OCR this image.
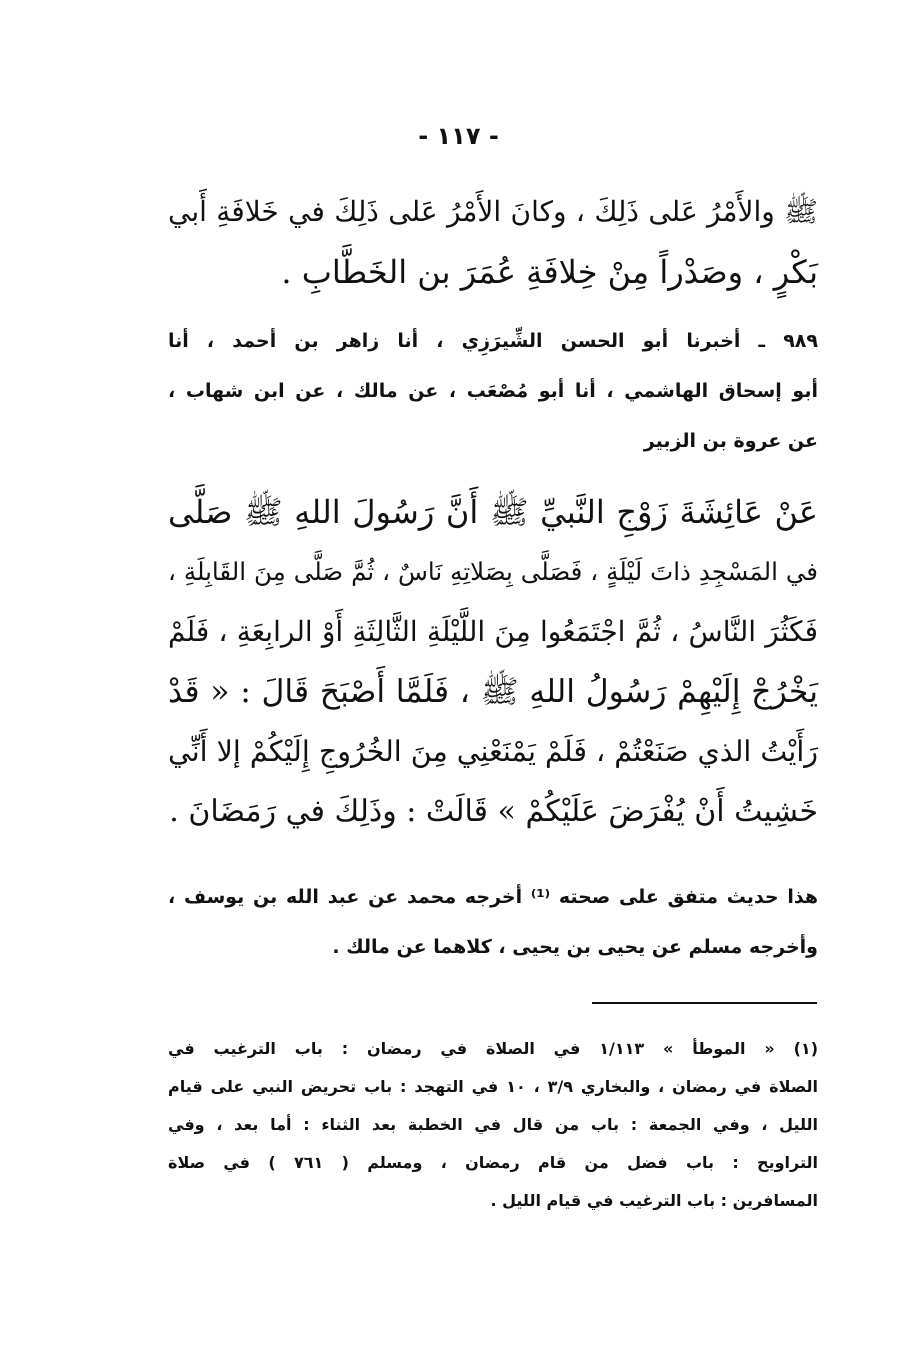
- ١١٧ -
ﷺ والأَمْرُ عَلى ذَلِكَ ، وكانَ الأَمْرُ عَلى ذَلِكَ في خَلافَةِ أَبي
بَكْرٍ ، وصَدْراً مِنْ خِلافَةِ عُمَرَ بن الخَطَّابِ .
٩٨٩ ـ أخبرنا أبو الحسن الشِّيرَزِي ، أنا زاهر بن أحمد ، أنا
أبو إسحاق الهاشمي ، أنا أبو مُصْعَب ، عن مالك ، عن ابن شهاب ،
عن عروة بن الزبير
عَنْ عَائِشَةَ زَوْجِ النَّبيِّ ﷺ أَنَّ رَسُولَ اللهِ ﷺ صَلَّى
في المَسْجِدِ ذاتَ لَيْلَةٍ ، فَصَلَّى بِصَلاتِهِ نَاسٌ ، ثُمَّ صَلَّى مِنَ القَابِلَةِ ،
فَكَثُرَ النَّاسُ ، ثُمَّ اجْتَمَعُوا مِنَ اللَّيْلَةِ الثَّالِثَةِ أَوْ الرابِعَةِ ، فَلَمْ
يَخْرُجْ إِلَيْهِمْ رَسُولُ اللهِ ﷺ ، فَلَمَّا أَصْبَحَ قَالَ : « قَدْ
رَأَيْتُ الذي صَنَعْتُمْ ، فَلَمْ يَمْنَعْنِي مِنَ الخُرُوجِ إِلَيْكُمْ إلا أَنِّي
خَشِيتُ أَنْ يُفْرَضَ عَلَيْكُمْ » قَالَتْ : وذَلِكَ في رَمَضَانَ .
هذا حديث متفق على صحته ⁽¹⁾ أخرجه محمد عن عبد الله بن يوسف ،
وأخرجه مسلم عن يحيى بن يحيى ، كلاهما عن مالك .
(١) « الموطأ » ١/١١٣ في الصلاة في رمضان : باب الترغيب في
الصلاة في رمضان ، والبخاري ٣/٩ ، ١٠ في التهجد : باب تحريض النبي على قيام
الليل ، وفي الجمعة : باب من قال في الخطبة بعد الثناء : أما بعد ، وفي
التراويح : باب فضل من قام رمضان ، ومسلم ( ٧٦١ ) في صلاة
المسافرين : باب الترغيب في قيام الليل .
